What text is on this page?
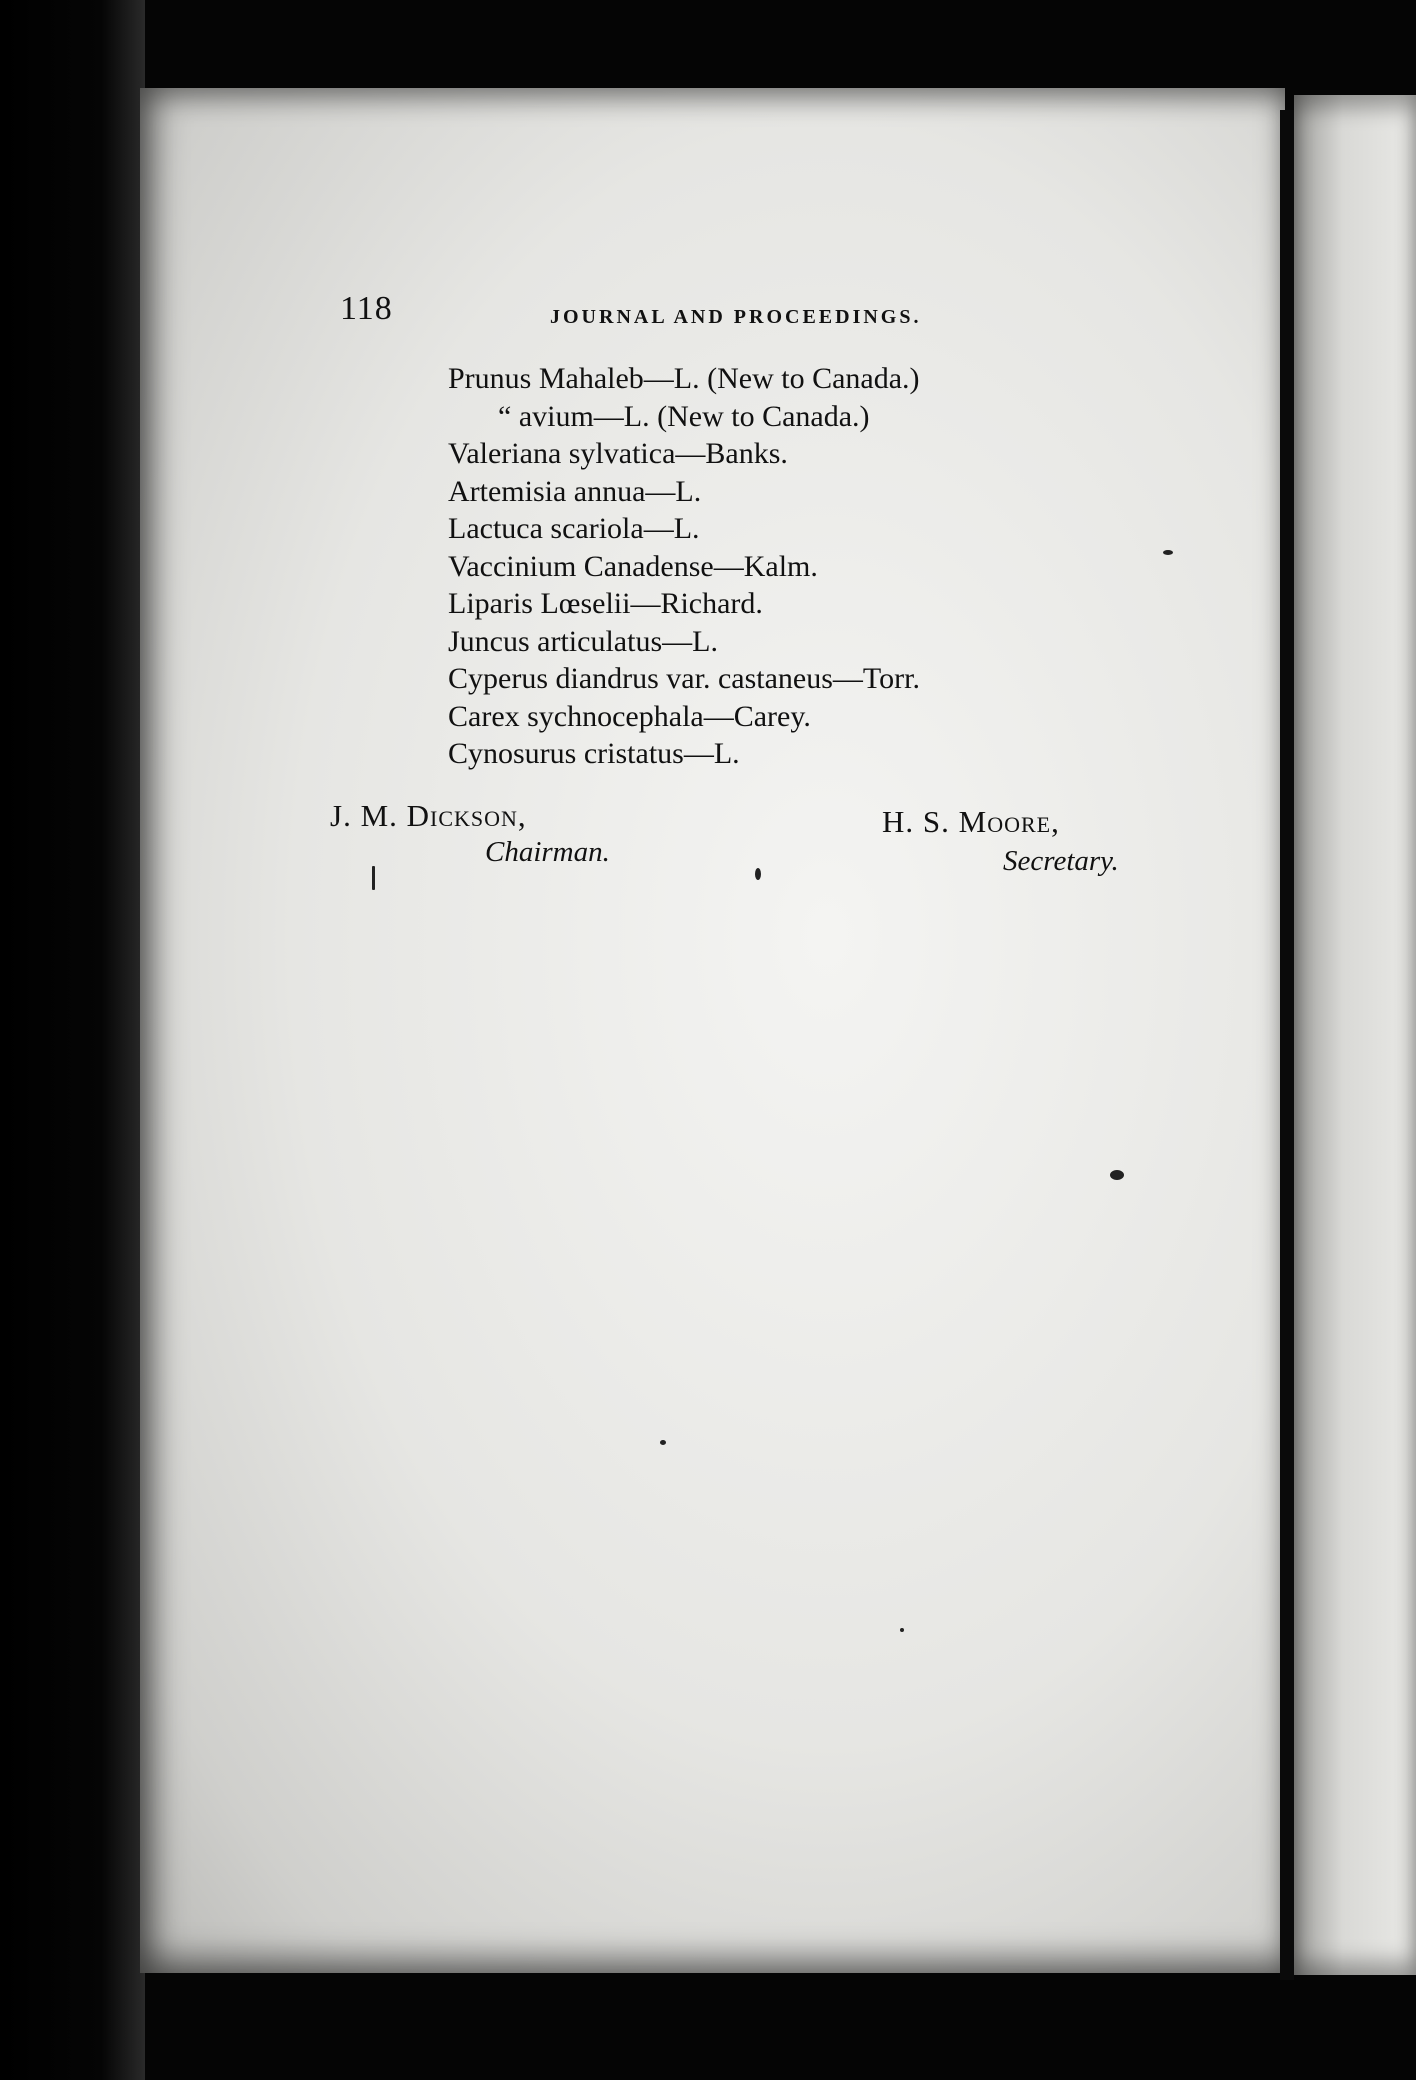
118	JOURNAL AND PROCEEDINGS.
Prunus Mahaleb—L. (New to Canada.)
“ avium—L. (New to Canada.)
Valeriana sylvatica—Banks.
Artemisia annua—L.
Lactuca scariola—L.
Vaccinium Canadense—Kalm.
Liparis Lœselii—Richard.
Juncus articulatus—L.
Cyperus diandrus var. castaneus—Torr.
Carex sychnocephala—Carey.
Cynosurus cristatus—L.
J. M. Dickson,
Chairman.
H. S. Moore,
Secretary.
